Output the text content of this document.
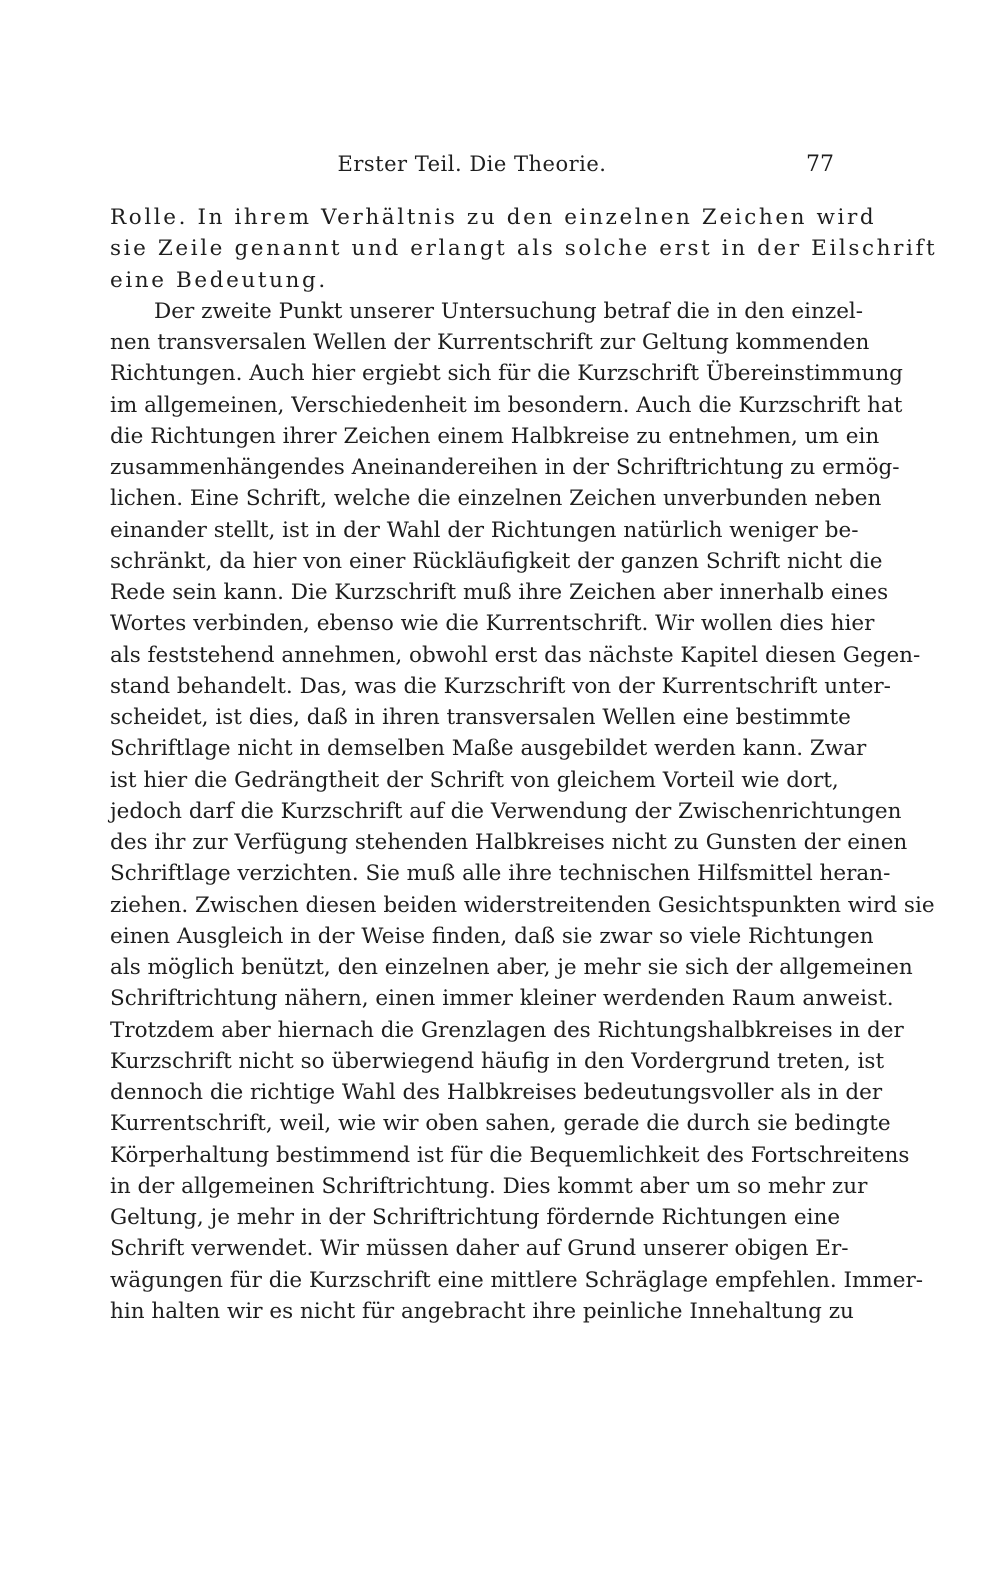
Erster Teil. Die Theorie.	77
Rolle. In ihrem Verhältnis zu den einzelnen Zeichen wird
sie Zeile genannt und erlangt als solche erst in der Eilschrift
eine Bedeutung.
Der zweite Punkt unserer Untersuchung betraf die in den einzel-
nen transversalen Wellen der Kurrentschrift zur Geltung kommenden
Richtungen. Auch hier ergiebt sich für die Kurzschrift Übereinstimmung
im allgemeinen, Verschiedenheit im besondern. Auch die Kurzschrift hat
die Richtungen ihrer Zeichen einem Halbkreise zu entnehmen, um ein
zusammenhängendes Aneinandereihen in der Schriftrichtung zu ermög-
lichen. Eine Schrift, welche die einzelnen Zeichen unverbunden neben
einander stellt, ist in der Wahl der Richtungen natürlich weniger be-
schränkt, da hier von einer Rückläufigkeit der ganzen Schrift nicht die
Rede sein kann. Die Kurzschrift muß ihre Zeichen aber innerhalb eines
Wortes verbinden, ebenso wie die Kurrentschrift. Wir wollen dies hier
als feststehend annehmen, obwohl erst das nächste Kapitel diesen Gegen-
stand behandelt. Das, was die Kurzschrift von der Kurrentschrift unter-
scheidet, ist dies, daß in ihren transversalen Wellen eine bestimmte
Schriftlage nicht in demselben Maße ausgebildet werden kann. Zwar
ist hier die Gedrängtheit der Schrift von gleichem Vorteil wie dort,
jedoch darf die Kurzschrift auf die Verwendung der Zwischenrichtungen
des ihr zur Verfügung stehenden Halbkreises nicht zu Gunsten der einen
Schriftlage verzichten. Sie muß alle ihre technischen Hilfsmittel heran-
ziehen. Zwischen diesen beiden widerstreitenden Gesichtspunkten wird sie
einen Ausgleich in der Weise finden, daß sie zwar so viele Richtungen
als möglich benützt, den einzelnen aber, je mehr sie sich der allgemeinen
Schriftrichtung nähern, einen immer kleiner werdenden Raum anweist.
Trotzdem aber hiernach die Grenzlagen des Richtungshalbkreises in der
Kurzschrift nicht so überwiegend häufig in den Vordergrund treten, ist
dennoch die richtige Wahl des Halbkreises bedeutungsvoller als in der
Kurrentschrift, weil, wie wir oben sahen, gerade die durch sie bedingte
Körperhaltung bestimmend ist für die Bequemlichkeit des Fortschreitens
in der allgemeinen Schriftrichtung. Dies kommt aber um so mehr zur
Geltung, je mehr in der Schriftrichtung fördernde Richtungen eine
Schrift verwendet. Wir müssen daher auf Grund unserer obigen Er-
wägungen für die Kurzschrift eine mittlere Schräglage empfehlen. Immer-
hin halten wir es nicht für angebracht ihre peinliche Innehaltung zu
